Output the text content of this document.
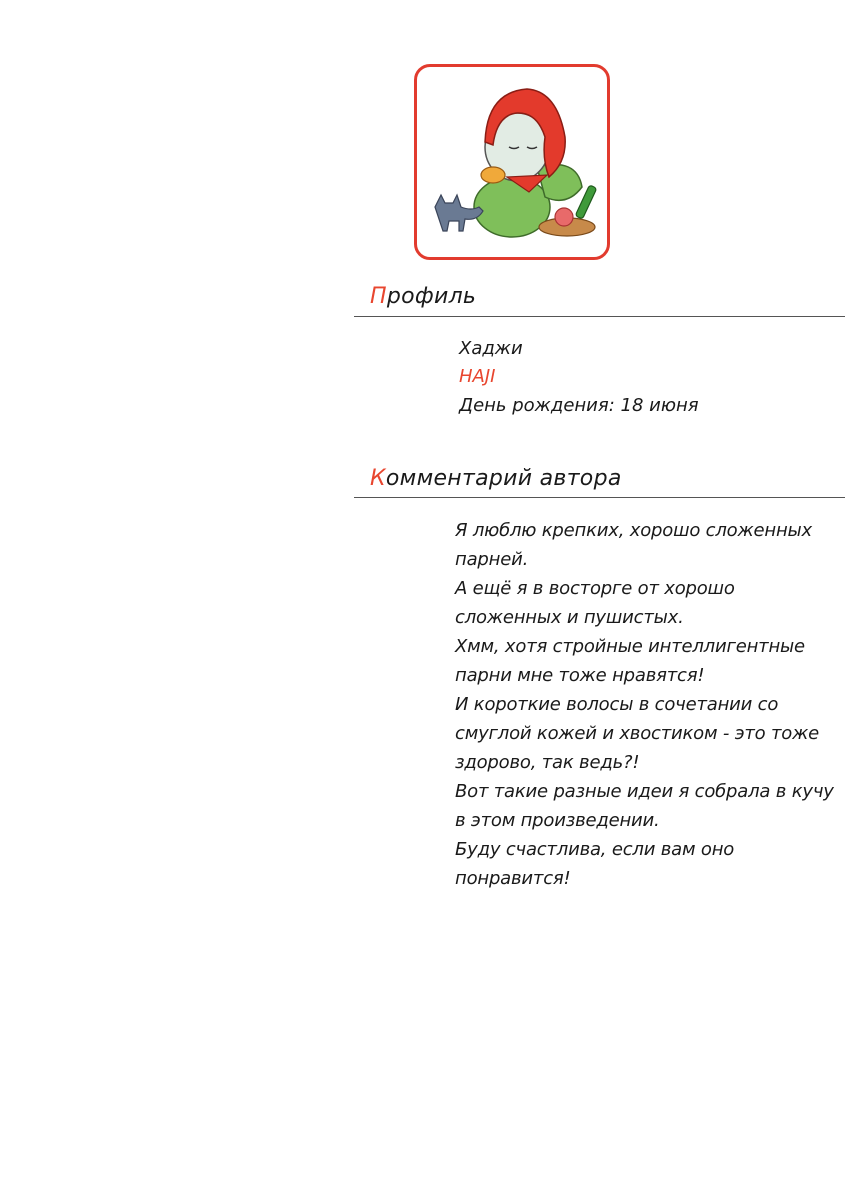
Профиль
Хаджи
HAJI
День рождения: 18 июня
Комментарий автора

Я люблю крепких, хорошо сложенных парней.

А ещё я в восторге от хорошо сложенных и пушистых.

Хмм, хотя стройные интеллигентные парни мне тоже нравятся!

И короткие волосы в сочетании со смуглой кожей и хвостиком - это тоже здорово, так ведь?!

Вот такие разные идеи я собрала в кучу в этом произведении.

Буду счастлива, если вам оно понравится!
